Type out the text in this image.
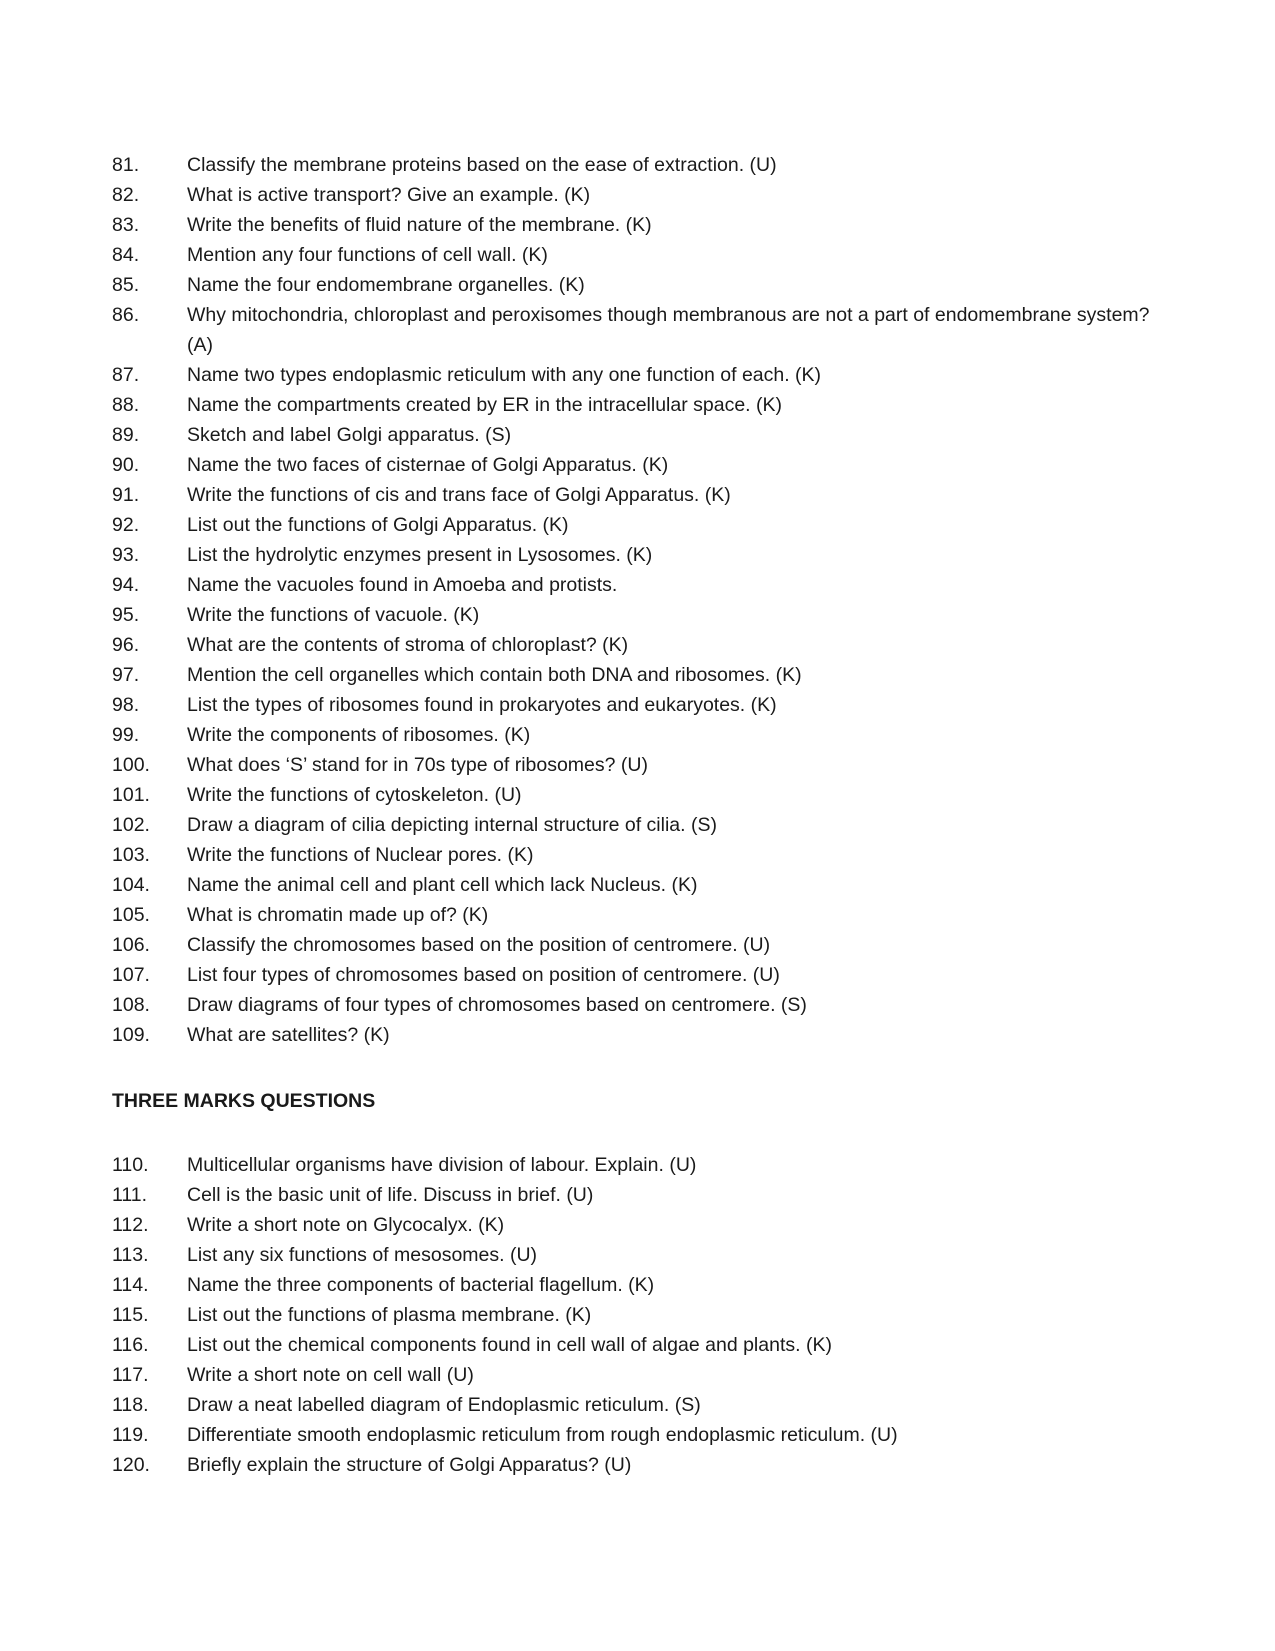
81.	Classify the membrane proteins based on the ease of extraction. (U)
82.	What is active transport? Give an example. (K)
83.	Write the benefits of fluid nature of the membrane. (K)
84.	Mention any four functions of cell wall. (K)
85.	Name the four endomembrane organelles. (K)
86.	Why mitochondria, chloroplast and peroxisomes though membranous are not a part of endomembrane system? (A)
87.	Name two types endoplasmic reticulum with any one function of each. (K)
88.	Name the compartments created by ER in the intracellular space. (K)
89.	Sketch and label Golgi apparatus. (S)
90.	Name the two faces of cisternae of Golgi Apparatus. (K)
91.	Write the functions of cis and trans face of Golgi Apparatus. (K)
92.	List out the functions of Golgi Apparatus. (K)
93.	List the hydrolytic enzymes present in Lysosomes. (K)
94.	Name the vacuoles found in Amoeba and protists.
95.	Write the functions of vacuole. (K)
96.	What are the contents of stroma of chloroplast? (K)
97.	Mention the cell organelles which contain both DNA and ribosomes. (K)
98.	List the types of ribosomes found in prokaryotes and eukaryotes. (K)
99.	Write the components of ribosomes. (K)
100.	What does ‘S’ stand for in 70s type of ribosomes? (U)
101.	Write the functions of cytoskeleton. (U)
102.	Draw a diagram of cilia depicting internal structure of cilia. (S)
103.	Write the functions of Nuclear pores. (K)
104.	Name the animal cell and plant cell which lack Nucleus. (K)
105.	What is chromatin made up of? (K)
106.	Classify the chromosomes based on the position of centromere. (U)
107.	List four types of chromosomes based on position of centromere. (U)
108.	Draw diagrams of four types of chromosomes based on centromere. (S)
109.	What are satellites? (K)
THREE MARKS QUESTIONS
110.	Multicellular organisms have division of labour. Explain. (U)
111.	Cell is the basic unit of life. Discuss in brief. (U)
112.	Write a short note on Glycocalyx. (K)
113.	List any six functions of mesosomes. (U)
114.	Name the three components of bacterial flagellum. (K)
115.	List out the functions of plasma membrane. (K)
116.	List out the chemical components found in cell wall of algae and plants. (K)
117.	Write a short note on cell wall (U)
118.	Draw a neat labelled diagram of Endoplasmic reticulum. (S)
119.	Differentiate smooth endoplasmic reticulum from rough endoplasmic reticulum. (U)
120.	Briefly explain the structure of Golgi Apparatus? (U)
